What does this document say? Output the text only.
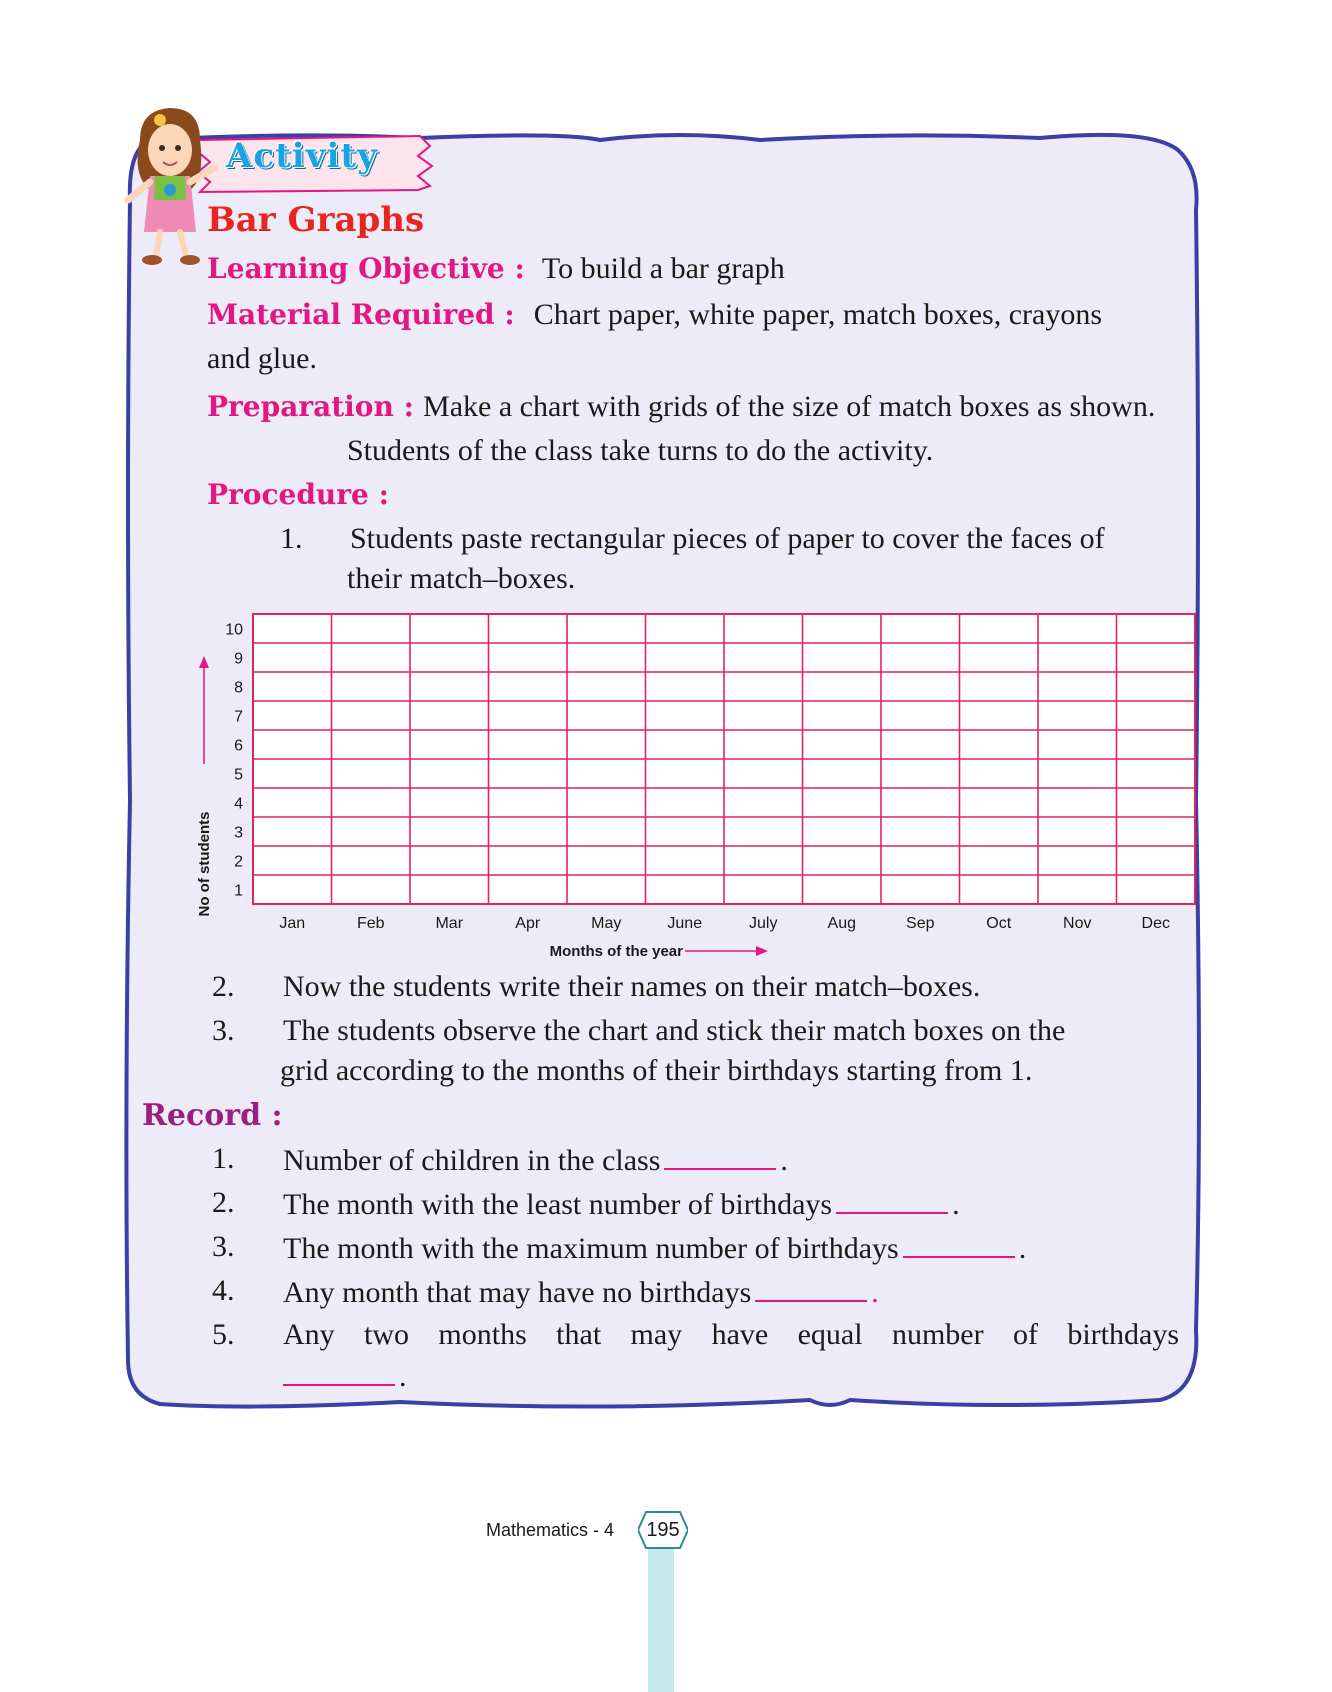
Activity
Bar Graphs
Learning Objective : To build a bar graph
Material Required : Chart paper, white paper, match boxes, crayons
and glue.
Preparation : Make a chart with grids of the size of match boxes as shown.
Students of the class take turns to do the activity.
Procedure :
1. Students paste rectangular pieces of paper to cover the faces of
their match–boxes.
1
2
3
4
5
6
7
8
9
10
Jan	Feb	Mar	Apr	May	June	July	Aug	Sep	Oct	Nov	Dec
No of students
Months of the year
2. Now the students write their names on their match–boxes.
3. The students observe the chart and stick their match boxes on the
grid according to the months of their birthdays starting from 1.
Record :
1. Number of children in the class	.
2. The month with the least number of birthdays	.
3. The month with the maximum number of birthdays	.
4. Any month that may have no birthdays	.
5. Any two months that may have equal number of birthdays
.
Mathematics - 4 195
